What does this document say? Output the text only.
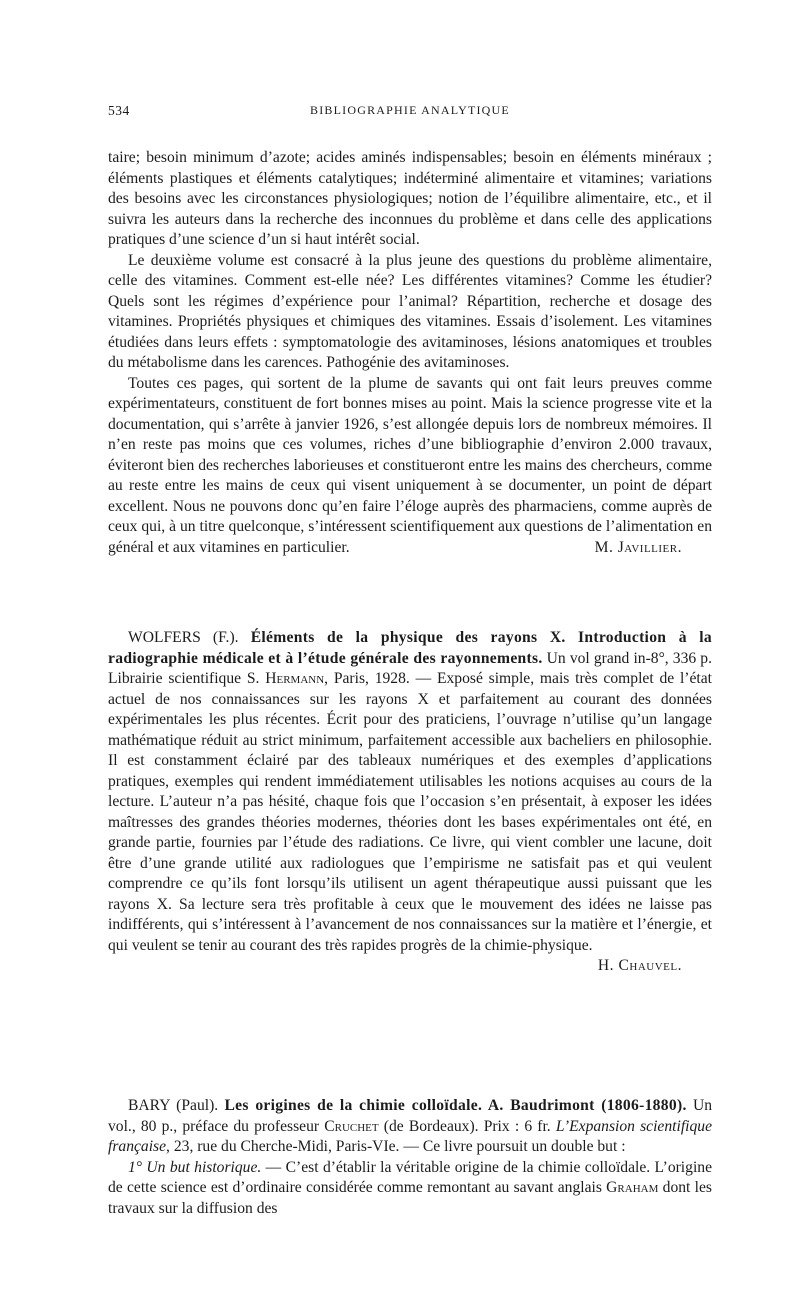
534	BIBLIOGRAPHIE ANALYTIQUE

taire; besoin minimum d’azote; acides aminés indispensables; besoin en éléments minéraux ; éléments plastiques et éléments catalytiques; indéterminé alimentaire et vitamines; variations des besoins avec les circonstances physiologiques; notion de l’équilibre alimentaire, etc., et il suivra les auteurs dans la recherche des inconnues du problème et dans celle des applications pratiques d’une science d’un si haut intérêt social.

Le deuxième volume est consacré à la plus jeune des questions du problème alimentaire, celle des vitamines. Comment est-elle née? Les différentes vitamines? Comme les étudier? Quels sont les régimes d’expérience pour l’animal? Répartition, recherche et dosage des vitamines. Propriétés physiques et chimiques des vitamines. Essais d’isolement. Les vitamines étudiées dans leurs effets : symptomatologie des avitaminoses, lésions anatomiques et troubles du métabolisme dans les carences. Pathogénie des avitaminoses.

Toutes ces pages, qui sortent de la plume de savants qui ont fait leurs preuves comme expérimentateurs, constituent de fort bonnes mises au point. Mais la science progresse vite et la documentation, qui s’arrête à janvier 1926, s’est allongée depuis lors de nombreux mémoires. Il n’en reste pas moins que ces volumes, riches d’une bibliographie d’environ 2.000 travaux, éviteront bien des recherches laborieuses et constitueront entre les mains des chercheurs, comme au reste entre les mains de ceux qui visent uniquement à se documenter, un point de départ excellent. Nous ne pouvons donc qu’en faire l’éloge auprès des pharmaciens, comme auprès de ceux qui, à un titre quelconque, s’intéressent scientifiquement aux questions de l’alimentation en général et aux vitamines en particulier.	M. Javillier.

WOLFERS (F.). Éléments de la physique des rayons X. Introduction à la radiographie médicale et à l’étude générale des rayonnements. Un vol grand in-8°, 336 p. Librairie scientifique S. Hermann, Paris, 1928. — Exposé simple, mais très complet de l’état actuel de nos connaissances sur les rayons X et parfaitement au courant des données expérimentales les plus récentes. Écrit pour des praticiens, l’ouvrage n’utilise qu’un langage mathématique réduit au strict minimum, parfaitement accessible aux bacheliers en philosophie. Il est constamment éclairé par des tableaux numériques et des exemples d’applications pratiques, exemples qui rendent immédiatement utilisables les notions acquises au cours de la lecture. L’auteur n’a pas hésité, chaque fois que l’occasion s’en présentait, à exposer les idées maîtresses des grandes théories modernes, théories dont les bases expérimentales ont été, en grande partie, fournies par l’étude des radiations. Ce livre, qui vient combler une lacune, doit être d’une grande utilité aux radiologues que l’empirisme ne satisfait pas et qui veulent comprendre ce qu’ils font lorsqu’ils utilisent un agent thérapeutique aussi puissant que les rayons X. Sa lecture sera très profitable à ceux que le mouvement des idées ne laisse pas indifférents, qui s’intéressent à l’avancement de nos connaissances sur la matière et l’énergie, et qui veulent se tenir au courant des très rapides progrès de la chimie-physique.
H. Chauvel.

BARY (Paul). Les origines de la chimie colloïdale. A. Baudrimont (1806-1880). Un vol., 80 p., préface du professeur Cruchet (de Bordeaux). Prix : 6 fr. L’Expansion scientifique française, 23, rue du Cherche-Midi, Paris-VIe. — Ce livre poursuit un double but :

1° Un but historique. — C’est d’établir la véritable origine de la chimie colloïdale. L’origine de cette science est d’ordinaire considérée comme remontant au savant anglais Graham dont les travaux sur la diffusion des
